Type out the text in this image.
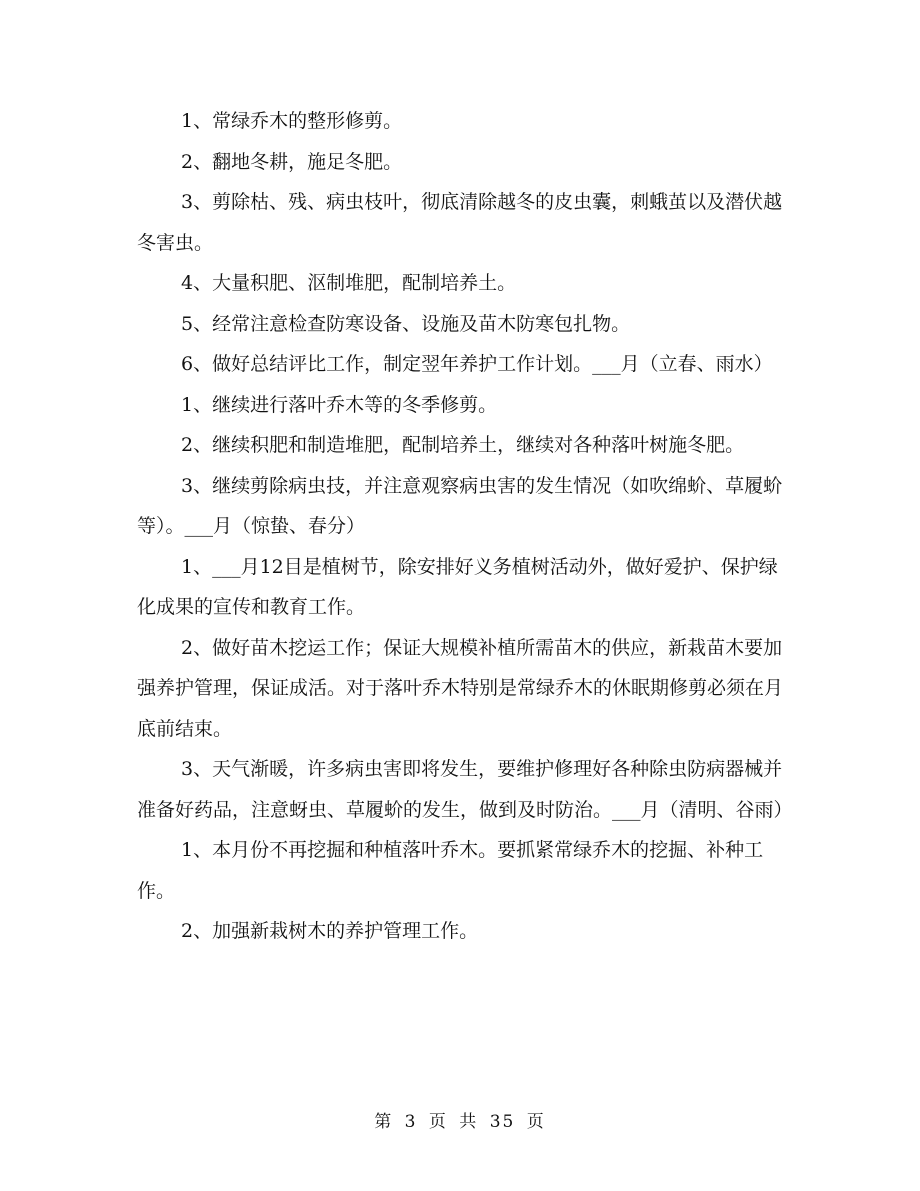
1、常绿乔木的整形修剪。

2、翻地冬耕，施足冬肥。

3、剪除枯、残、病虫枝叶，彻底清除越冬的皮虫囊，刺蛾茧以及潜伏越冬害虫。

4、大量积肥、沤制堆肥，配制培养土。

5、经常注意检查防寒设备、设施及苗木防寒包扎物。

6、做好总结评比工作，制定翌年养护工作计划。___月（立春、雨水）

1、继续进行落叶乔木等的冬季修剪。

2、继续积肥和制造堆肥，配制培养土，继续对各种落叶树施冬肥。

3、继续剪除病虫技，并注意观察病虫害的发生情况（如吹绵蚧、草履蚧等）。___月（惊蛰、春分）

1、___月12目是植树节，除安排好义务植树活动外，做好爱护、保护绿化成果的宣传和教育工作。

2、做好苗木挖运工作；保证大规模补植所需苗木的供应，新栽苗木要加强养护管理，保证成活。对于落叶乔木特别是常绿乔木的休眠期修剪必须在月底前结束。

3、天气渐暖，许多病虫害即将发生，要维护修理好各种除虫防病器械并准备好药品，注意蚜虫、草履蚧的发生，做到及时防治。___月（清明、谷雨）

1、本月份不再挖掘和种植落叶乔木。要抓紧常绿乔木的挖掘、补种工作。

2、加强新栽树木的养护管理工作。

第 3 页 共 35 页
